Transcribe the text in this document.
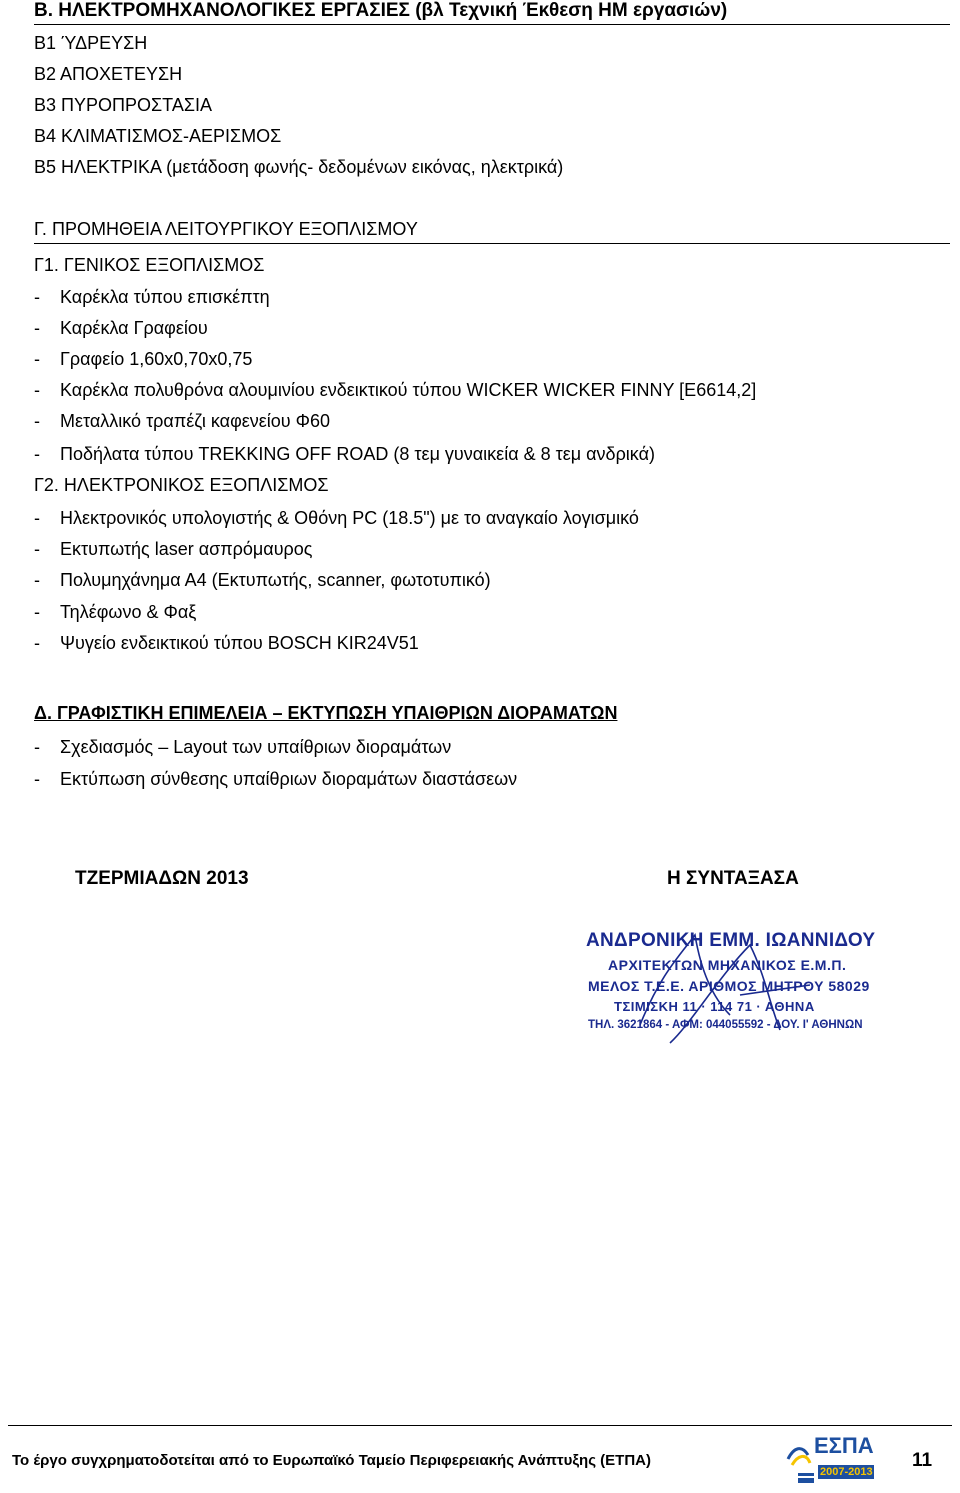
Β. ΗΛΕΚΤΡΟΜΗΧΑΝΟΛΟΓΙΚΕΣ ΕΡΓΑΣΙΕΣ (βλ Τεχνική Έκθεση ΗΜ εργασιών)
Β1 ΎΔΡΕΥΣΗ
Β2 ΑΠΟΧΕΤΕΥΣΗ
Β3 ΠΥΡΟΠΡΟΣΤΑΣΙΑ
Β4 ΚΛΙΜΑΤΙΣΜΟΣ-ΑΕΡΙΣΜΟΣ
Β5 ΗΛΕΚΤΡΙΚΑ (μετάδοση φωνής- δεδομένων εικόνας, ηλεκτρικά)
Γ. ΠΡΟΜΗΘΕΙΑ ΛΕΙΤΟΥΡΓΙΚΟΥ ΕΞΟΠΛΙΣΜΟΥ
Γ1. ΓΕΝΙΚΟΣ ΕΞΟΠΛΙΣΜΟΣ
- Καρέκλα τύπου επισκέπτη
- Καρέκλα Γραφείου
- Γραφείο 1,60x0,70x0,75
- Καρέκλα πολυθρόνα αλουμινίου ενδεικτικού τύπου WICKER WICKER FINNY [E6614,2]
- Μεταλλικό τραπέζι καφενείου Φ60
- Ποδήλατα τύπου TREKKING OFF ROAD (8 τεμ γυναικεία & 8 τεμ ανδρικά)
Γ2. ΗΛΕΚΤΡΟΝΙΚΟΣ ΕΞΟΠΛΙΣΜΟΣ
- Ηλεκτρονικός υπολογιστής & Οθόνη PC (18.5") με το αναγκαίο λογισμικό
- Εκτυπωτής laser ασπρόμαυρος
- Πολυμηχάνημα Α4 (Εκτυπωτής, scanner, φωτοτυπικό)
- Τηλέφωνο & Φαξ
- Ψυγείο ενδεικτικού τύπου BOSCH KIR24V51
Δ. ΓΡΑΦΙΣΤΙΚΗ ΕΠΙΜΕΛΕΙΑ – ΕΚΤΥΠΩΣΗ ΥΠΑΙΘΡΙΩΝ ΔΙΟΡΑΜΑΤΩΝ
- Σχεδιασμός – Layout των υπαίθριων διοραμάτων
- Εκτύπωση σύνθεσης υπαίθριων διοραμάτων διαστάσεων
ΤΖΕΡΜΙΑΔΩΝ 2013	Η ΣΥΝΤΑΞΑΣΑ
ΑΝΔΡΟΝΙΚΗ ΕΜΜ. ΙΩΑΝΝΙΔΟΥ
ΑΡΧΙΤΕΚΤΩΝ ΜΗΧΑΝΙΚΟΣ Ε.Μ.Π.
ΜΕΛΟΣ Τ.Ε.Ε. ΑΡΙΘΜΟΣ ΜΗΤΡΟΥ 58029
ΤΣΙΜΙΣΚΗ 11 · 114 71 · ΑΘΗΝΑ
ΤΗΛ. 3621864 - ΑΦΜ: 044055592 - ΔΟΥ. Ι' ΑΘΗΝΩΝ
Το έργο συγχρηματοδοτείται από το Ευρωπαϊκό Ταμείο Περιφερειακής Ανάπτυξης (ΕΤΠΑ)
ΕΣΠΑ
2007-2013
11
